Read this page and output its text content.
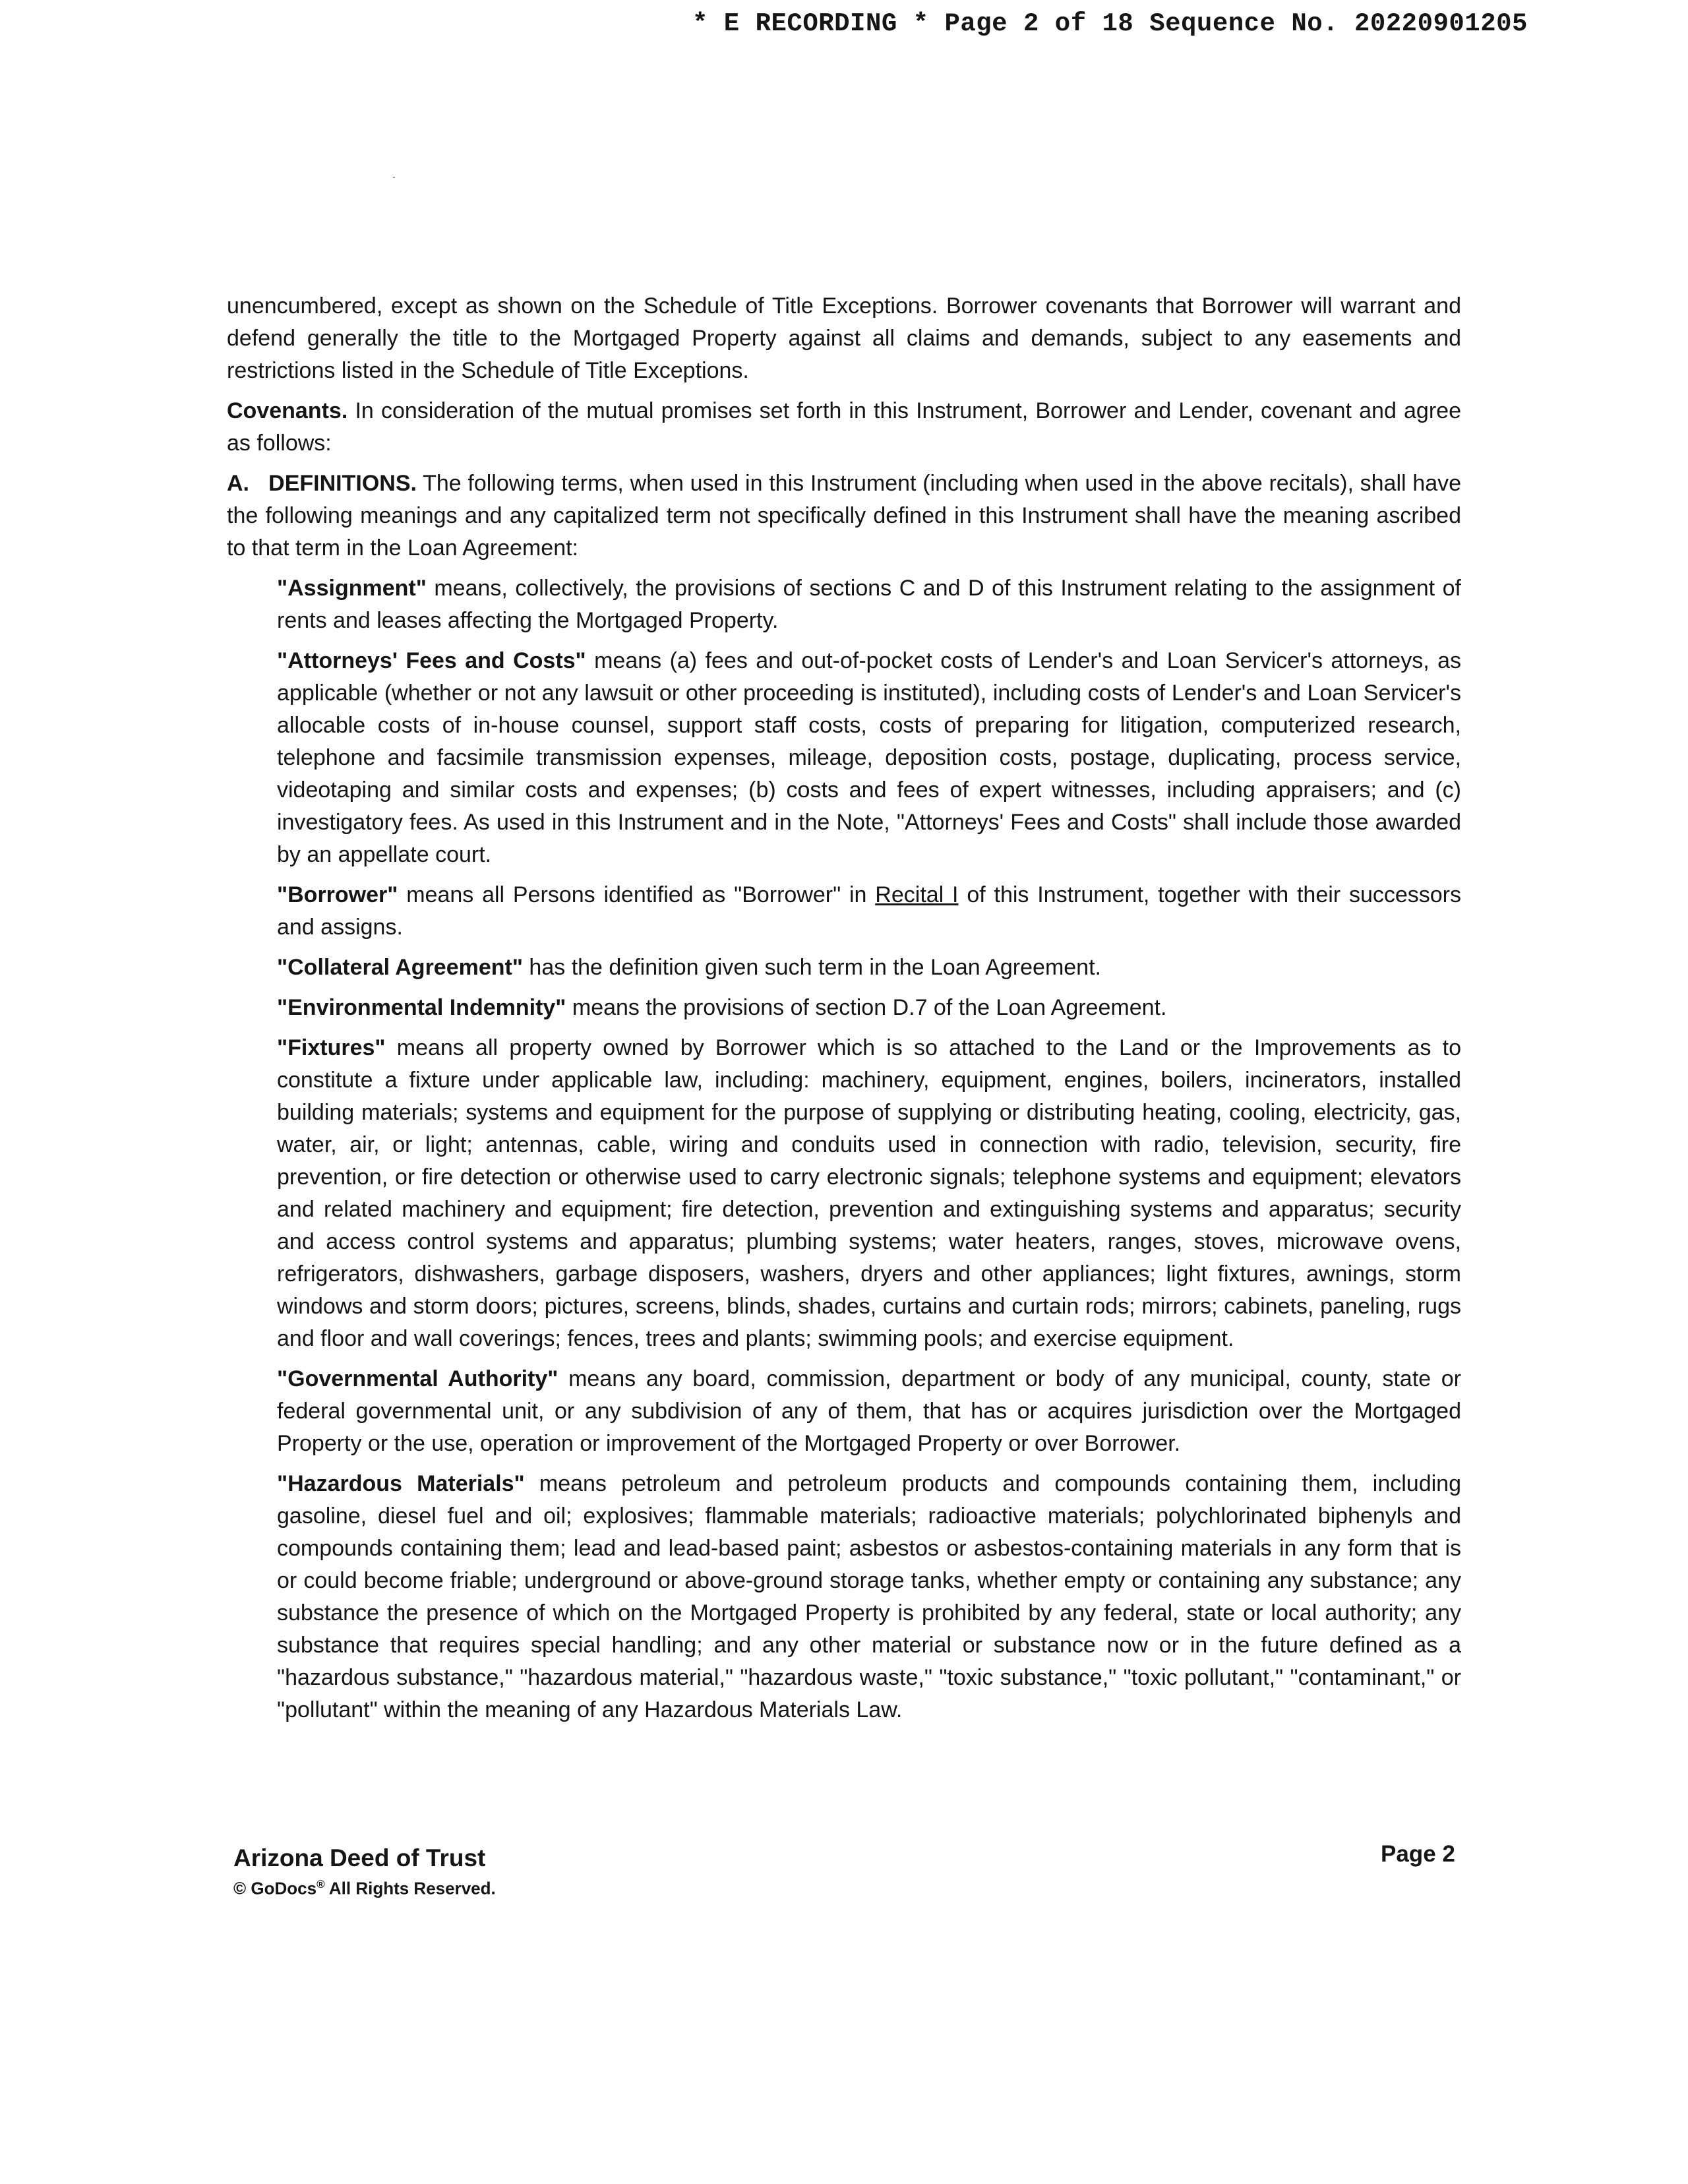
* E RECORDING * Page 2 of 18 Sequence No. 20220901205

unencumbered, except as shown on the Schedule of Title Exceptions. Borrower covenants that Borrower will warrant and defend generally the title to the Mortgaged Property against all claims and demands, subject to any easements and restrictions listed in the Schedule of Title Exceptions.

Covenants. In consideration of the mutual promises set forth in this Instrument, Borrower and Lender, covenant and agree as follows:

A.   DEFINITIONS. The following terms, when used in this Instrument (including when used in the above recitals), shall have the following meanings and any capitalized term not specifically defined in this Instrument shall have the meaning ascribed to that term in the Loan Agreement:

"Assignment" means, collectively, the provisions of sections C and D of this Instrument relating to the assignment of rents and leases affecting the Mortgaged Property.

"Attorneys' Fees and Costs" means (a) fees and out-of-pocket costs of Lender's and Loan Servicer's attorneys, as applicable (whether or not any lawsuit or other proceeding is instituted), including costs of Lender's and Loan Servicer's allocable costs of in-house counsel, support staff costs, costs of preparing for litigation, computerized research, telephone and facsimile transmission expenses, mileage, deposition costs, postage, duplicating, process service, videotaping and similar costs and expenses; (b) costs and fees of expert witnesses, including appraisers; and (c) investigatory fees. As used in this Instrument and in the Note, "Attorneys' Fees and Costs" shall include those awarded by an appellate court.

"Borrower" means all Persons identified as "Borrower" in Recital I of this Instrument, together with their successors and assigns.

"Collateral Agreement" has the definition given such term in the Loan Agreement.

"Environmental Indemnity" means the provisions of section D.7 of the Loan Agreement.

"Fixtures" means all property owned by Borrower which is so attached to the Land or the Improvements as to constitute a fixture under applicable law, including: machinery, equipment, engines, boilers, incinerators, installed building materials; systems and equipment for the purpose of supplying or distributing heating, cooling, electricity, gas, water, air, or light; antennas, cable, wiring and conduits used in connection with radio, television, security, fire prevention, or fire detection or otherwise used to carry electronic signals; telephone systems and equipment; elevators and related machinery and equipment; fire detection, prevention and extinguishing systems and apparatus; security and access control systems and apparatus; plumbing systems; water heaters, ranges, stoves, microwave ovens, refrigerators, dishwashers, garbage disposers, washers, dryers and other appliances; light fixtures, awnings, storm windows and storm doors; pictures, screens, blinds, shades, curtains and curtain rods; mirrors; cabinets, paneling, rugs and floor and wall coverings; fences, trees and plants; swimming pools; and exercise equipment.

"Governmental Authority" means any board, commission, department or body of any municipal, county, state or federal governmental unit, or any subdivision of any of them, that has or acquires jurisdiction over the Mortgaged Property or the use, operation or improvement of the Mortgaged Property or over Borrower.

"Hazardous Materials" means petroleum and petroleum products and compounds containing them, including gasoline, diesel fuel and oil; explosives; flammable materials; radioactive materials; polychlorinated biphenyls and compounds containing them; lead and lead-based paint; asbestos or asbestos-containing materials in any form that is or could become friable; underground or above-ground storage tanks, whether empty or containing any substance; any substance the presence of which on the Mortgaged Property is prohibited by any federal, state or local authority; any substance that requires special handling; and any other material or substance now or in the future defined as a "hazardous substance," "hazardous material," "hazardous waste," "toxic substance," "toxic pollutant," "contaminant," or "pollutant" within the meaning of any Hazardous Materials Law.

Arizona Deed of Trust
© GoDocs® All Rights Reserved.
Page 2
